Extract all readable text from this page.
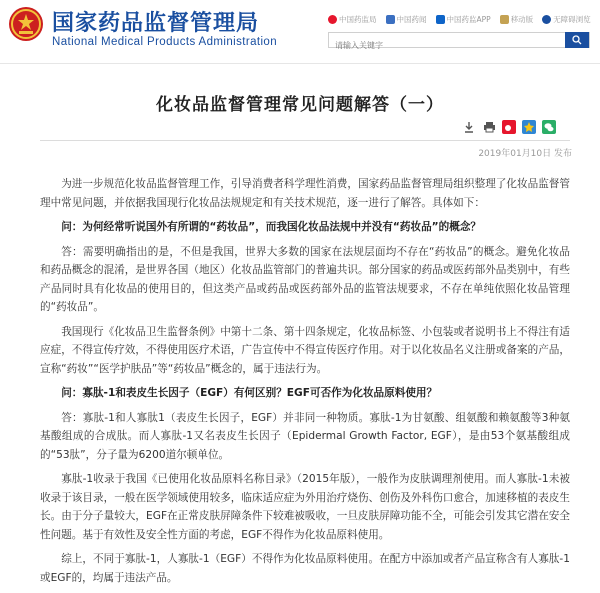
国家药品监督管理局
National Medical Products Administration
中国药监局	中国药闻	中国药监APP	移动版	无障碍浏览
请输入关键字
化妆品监督管理常见问题解答（一）
2019年01月10日 发布

为进一步规范化妆品监督管理工作，引导消费者科学理性消费，国家药品监督管理局组织整理了化妆品监督管理中常见问题，并依据我国现行化妆品法规规定和有关技术规范，逐一进行了解答。具体如下：

问：为何经常听说国外有所谓的“药妆品”，而我国化妆品法规中并没有“药妆品”的概念？

答：需要明确指出的是，不但是我国，世界大多数的国家在法规层面均不存在“药妆品”的概念。避免化妆品和药品概念的混淆，是世界各国（地区）化妆品监管部门的普遍共识。部分国家的药品或医药部外品类别中，有些产品同时具有化妆品的使用目的，但这类产品或药品或医药部外品的监管法规要求，不存在单纯依照化妆品管理的“药妆品”。

我国现行《化妆品卫生监督条例》中第十二条、第十四条规定，化妆品标签、小包装或者说明书上不得注有适应症，不得宣传疗效，不得使用医疗术语，广告宣传中不得宣传医疗作用。对于以化妆品名义注册或备案的产品，宣称“药妆”“医学护肤品”等“药妆品”概念的，属于违法行为。

问：寡肽-1和表皮生长因子（EGF）有何区别？EGF可否作为化妆品原料使用？

答：寡肽-1和人寡肽1（表皮生长因子，EGF）并非同一种物质。寡肽-1为甘氨酸、组氨酸和赖氨酸等3种氨基酸组成的合成肽。而人寡肽-1又名表皮生长因子（Epidermal Growth Factor, EGF），是由53个氨基酸组成的“53肽”，分子量为6200道尔顿单位。

寡肽-1收录于我国《已使用化妆品原料名称目录》（2015年版），一般作为皮肤调理剂使用。而人寡肽-1未被收录于该目录，一般在医学领域使用较多，临床适应症为外用治疗烧伤、创伤及外科伤口愈合，加速移植的表皮生长。由于分子量较大，EGF在正常皮肤屏障条件下较难被吸收，一旦皮肤屏障功能不全，可能会引发其它潜在安全性问题。基于有效性及安全性方面的考虑，EGF不得作为化妆品原料使用。

综上，不同于寡肽-1，人寡肽-1（EGF）不得作为化妆品原料使用。在配方中添加或者产品宣称含有人寡肽-1或EGF的，均属于违法产品。
